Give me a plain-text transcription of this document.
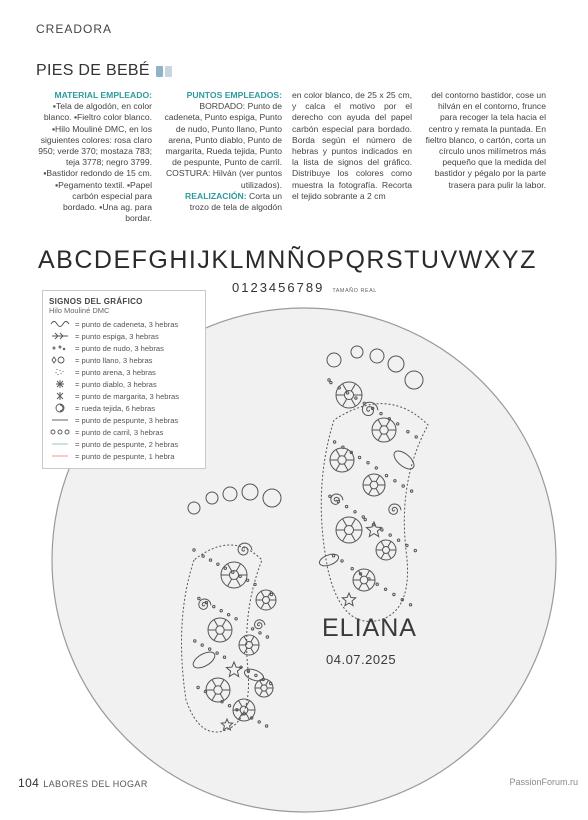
CREADORA
PIES DE BEBÉ
MATERIAL EMPLEADO: ▪Tela de algodón, en color blanco. ▪Fieltro color blanco. ▪Hilo Mouliné DMC, en los siguientes colores: rosa claro 950; verde 370; mostaza 783; teja 3778; negro 3799. ▪Bastidor redondo de 15 cm. ▪Pegamento textil. ▪Papel carbón especial para bordado. ▪Una ag. para bordar.
PUNTOS EMPLEADOS: BORDADO: Punto de cadeneta, Punto espiga, Punto de nudo, Punto llano, Punto arena, Punto diablo, Punto de margarita, Rueda tejida, Punto de pespunte, Punto de carril. COSTURA: Hilván (ver puntos utilizados).
REALIZACIÓN: Corta un trozo de tela de algodón
en color blanco, de 25 x 25 cm, y calca el motivo por el derecho con ayuda del papel carbón especial para bordado. Borda según el número de hebras y puntos indicados en la lista de signos del gráfico. Distribuye los colores como muestra la fotografía. Recorta el tejido sobrante a 2 cm
del contorno bastidor, cose un hilván en el contorno, frunce para recoger la tela hacia el centro y remata la puntada. En fieltro blanco, o cartón, corta un círculo unos milímetros más pequeño que la medida del bastidor y pégalo por la parte trasera para pulir la labor.
ABCDEFGHIJKLMNÑOPQRSTUVWXYZ
0123456789 TAMAÑO REAL
ELIANA
04.07.2025
SIGNOS DEL GRÁFICO
Hilo Mouliné DMC
= punto de cadeneta, 3 hebras
= punto espiga, 3 hebras
= punto de nudo, 3 hebras
= punto llano, 3 hebras
= punto arena, 3 hebras
= punto diablo, 3 hebras
= punto de margarita, 3 hebras
= rueda tejida, 6 hebras
= punto de pespunte, 3 hebras
= punto de carril, 3 hebras
= punto de pespunte, 2 hebras
= punto de pespunte, 1 hebra
104 LABORES DEL HOGAR	PassionForum.ru
